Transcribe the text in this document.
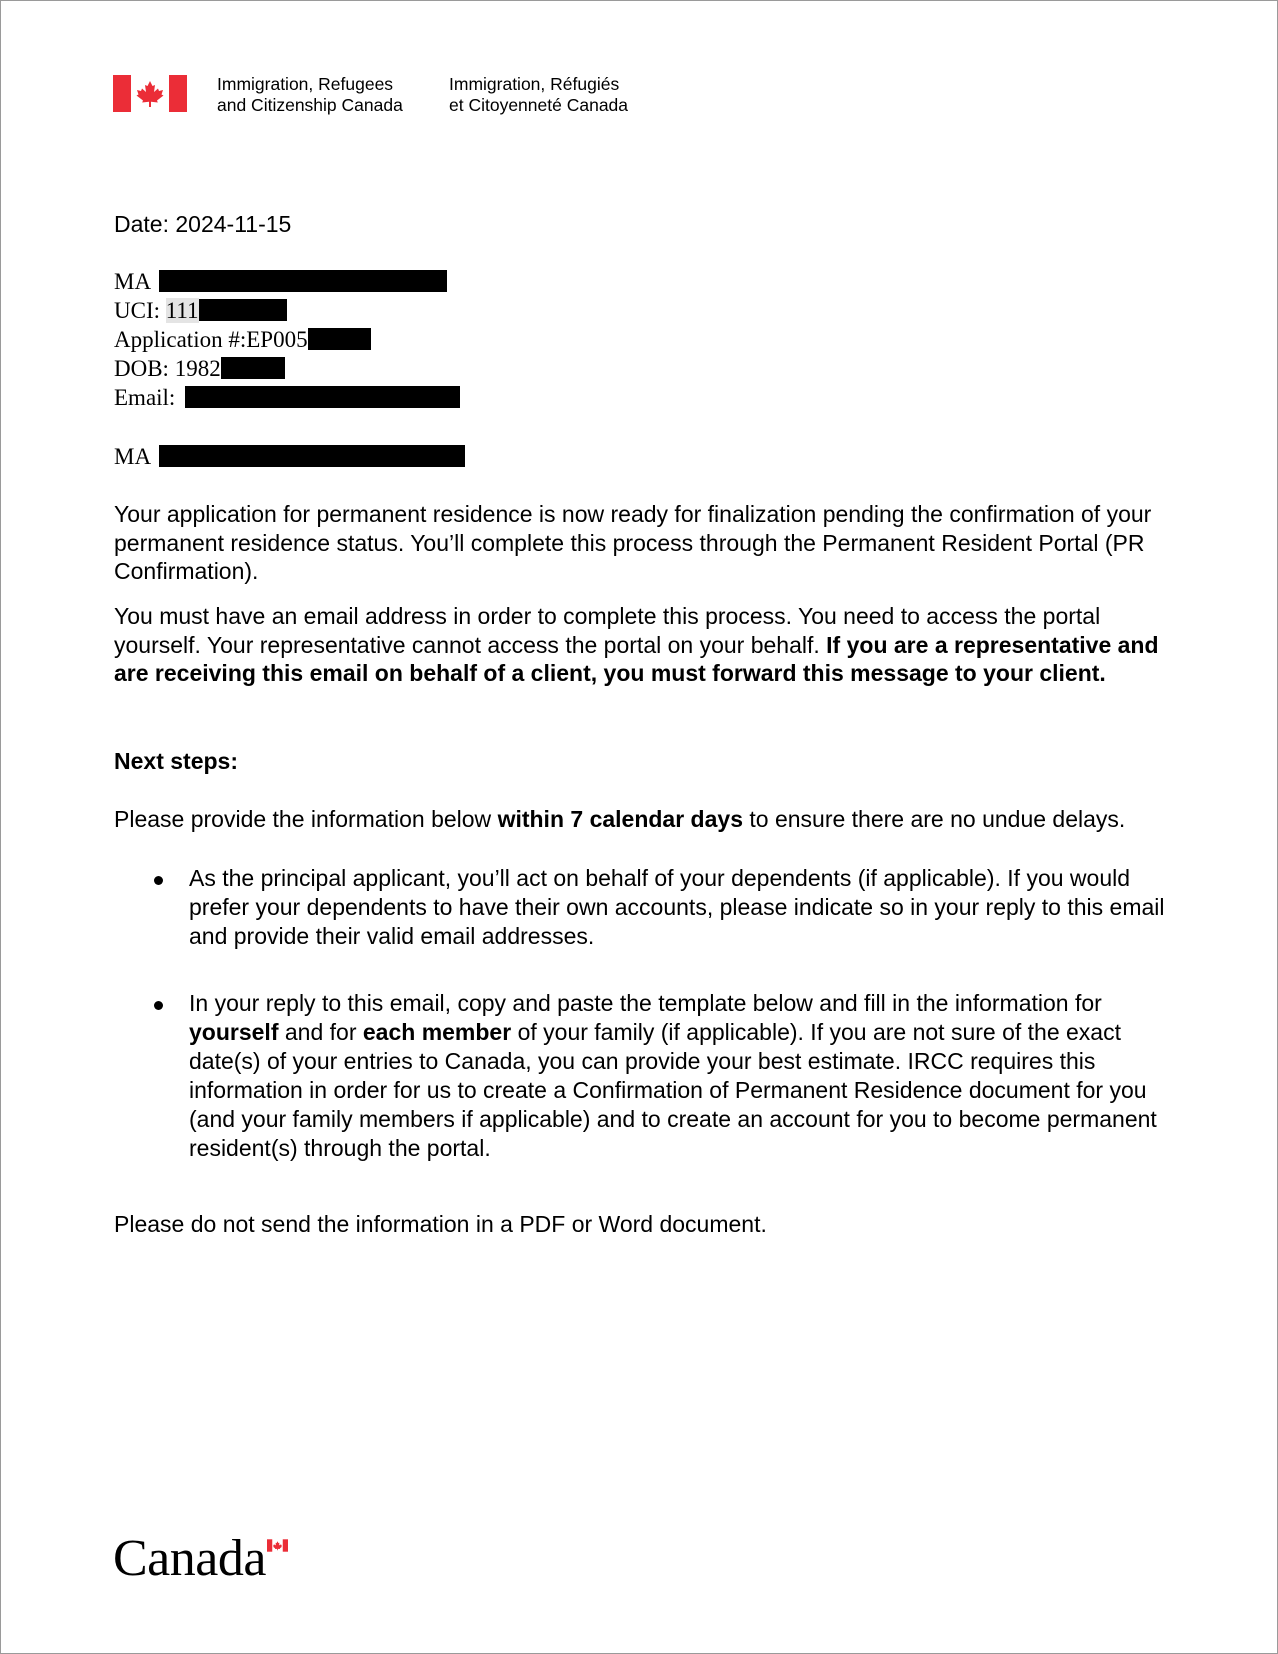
Immigration, Refugees
and Citizenship Canada
Immigration, Réfugiés
et Citoyenneté Canada
Date: 2024-11-15
MA
UCI: 111
Application #:EP005
DOB: 1982
Email:
MA
Your application for permanent residence is now ready for finalization pending the confirmation of your permanent residence status. You’ll complete this process through the Permanent Resident Portal (PR Confirmation).
You must have an email address in order to complete this process. You need to access the portal yourself. Your representative cannot access the portal on your behalf. If you are a representative and are receiving this email on behalf of a client, you must forward this message to your client.
Next steps:
Please provide the information below within 7 calendar days to ensure there are no undue delays.
As the principal applicant, you’ll act on behalf of your dependents (if applicable). If you would prefer your dependents to have their own accounts, please indicate so in your reply to this email and provide their valid email addresses.
In your reply to this email, copy and paste the template below and fill in the information for yourself and for each member of your family (if applicable). If you are not sure of the exact date(s) of your entries to Canada, you can provide your best estimate. IRCC requires this information in order for us to create a Confirmation of Permanent Residence document for you (and your family members if applicable) and to create an account for you to become permanent resident(s) through the portal.
Please do not send the information in a PDF or Word document.
Canada
